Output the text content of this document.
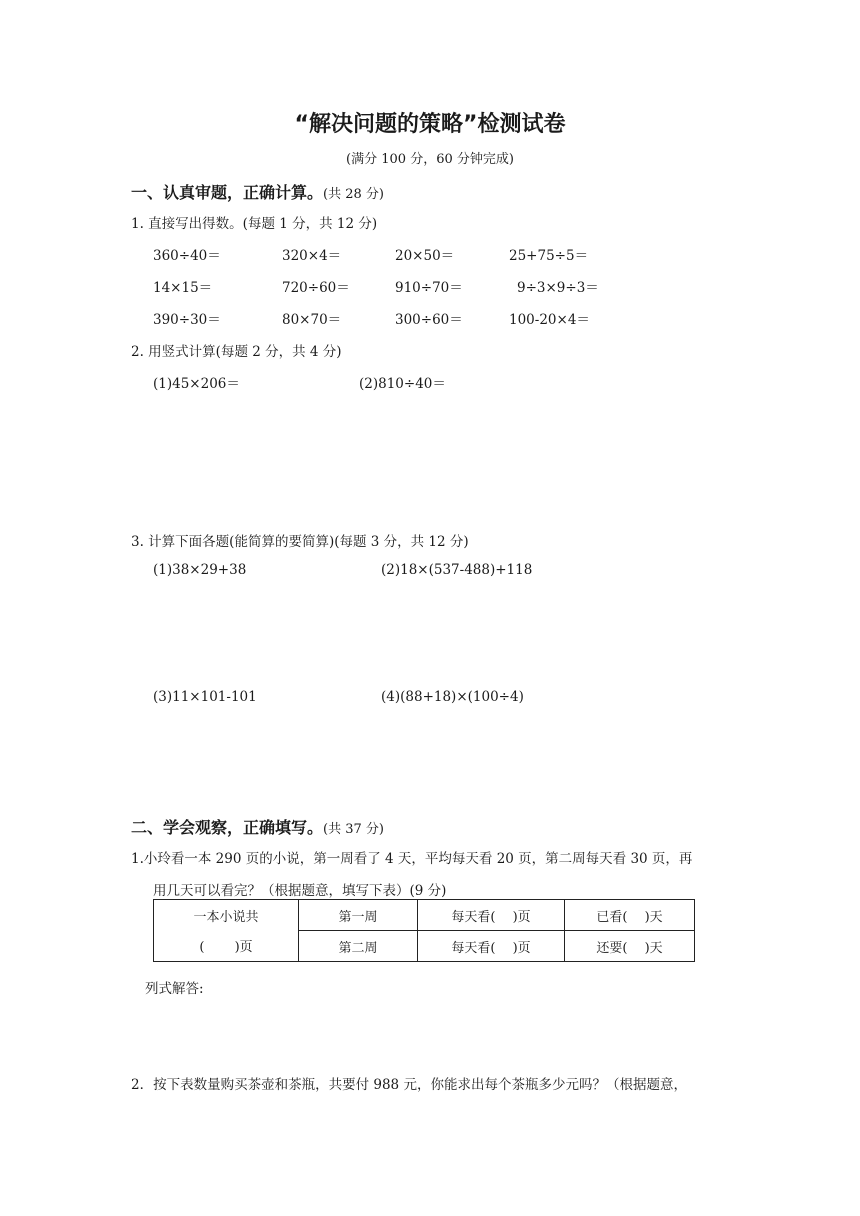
“解决问题的策略”检测试卷
(满分 100 分，60 分钟完成)
一、认真审题，正确计算。(共 28 分)
1. 直接写出得数。(每题 1 分，共 12 分)
360÷40＝	320×4＝	20×50＝	25+75÷5＝
14×15＝	720÷60＝	910÷70＝	9÷3×9÷3＝
390÷30＝	80×70＝	300÷60＝	100-20×4＝
2. 用竖式计算(每题 2 分，共 4 分)
(1)45×206＝	(2)810÷40＝
3. 计算下面各题(能简算的要简算)(每题 3 分，共 12 分)
(1)38×29+38	(2)18×(537-488)+118
(3)11×101-101	(4)(88+18)×(100÷4)
二、学会观察，正确填写。(共 37 分)
1.小玲看一本 290 页的小说，第一周看了 4 天，平均每天看 20 页，第二周每天看 30 页，再
用几天可以看完？（根据题意，填写下表）(9 分)
一本小说共	第一周	每天看(　 )页	已看(　 )天
(　　 )页	第二周	每天看(　 )页	还要(　 )天
列式解答:
2．按下表数量购买茶壶和茶瓶，共要付 988 元，你能求出每个茶瓶多少元吗？（根据题意，
